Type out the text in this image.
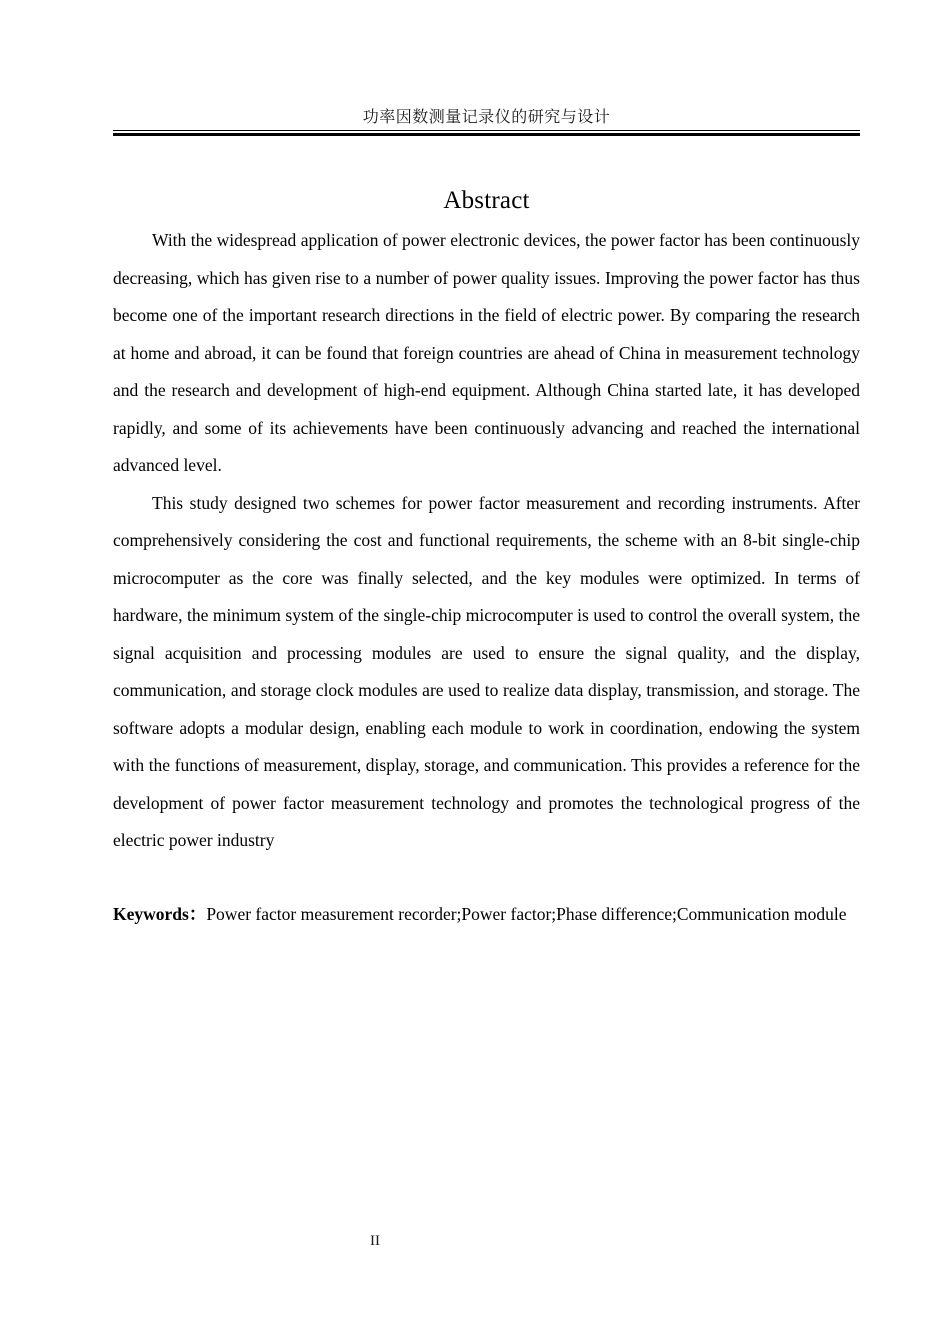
功率因数测量记录仪的研究与设计
Abstract

With the widespread application of power electronic devices, the power factor has been continuously decreasing, which has given rise to a number of power quality issues. Improving the power factor has thus become one of the important research directions in the field of electric power. By comparing the research at home and abroad, it can be found that foreign countries are ahead of China in measurement technology and the research and development of high-end equipment. Although China started late, it has developed rapidly, and some of its achievements have been continuously advancing and reached the international advanced level.

This study designed two schemes for power factor measurement and recording instruments. After comprehensively considering the cost and functional requirements, the scheme with an 8-bit single-chip microcomputer as the core was finally selected, and the key modules were optimized. In terms of hardware, the minimum system of the single-chip microcomputer is used to control the overall system, the signal acquisition and processing modules are used to ensure the signal quality, and the display, communication, and storage clock modules are used to realize data display, transmission, and storage. The software adopts a modular design, enabling each module to work in coordination, endowing the system with the functions of measurement, display, storage, and communication. This provides a reference for the development of power factor measurement technology and promotes the technological progress of the electric power industry

Keywords：Power factor measurement recorder;Power factor;Phase difference;Communication module
II
